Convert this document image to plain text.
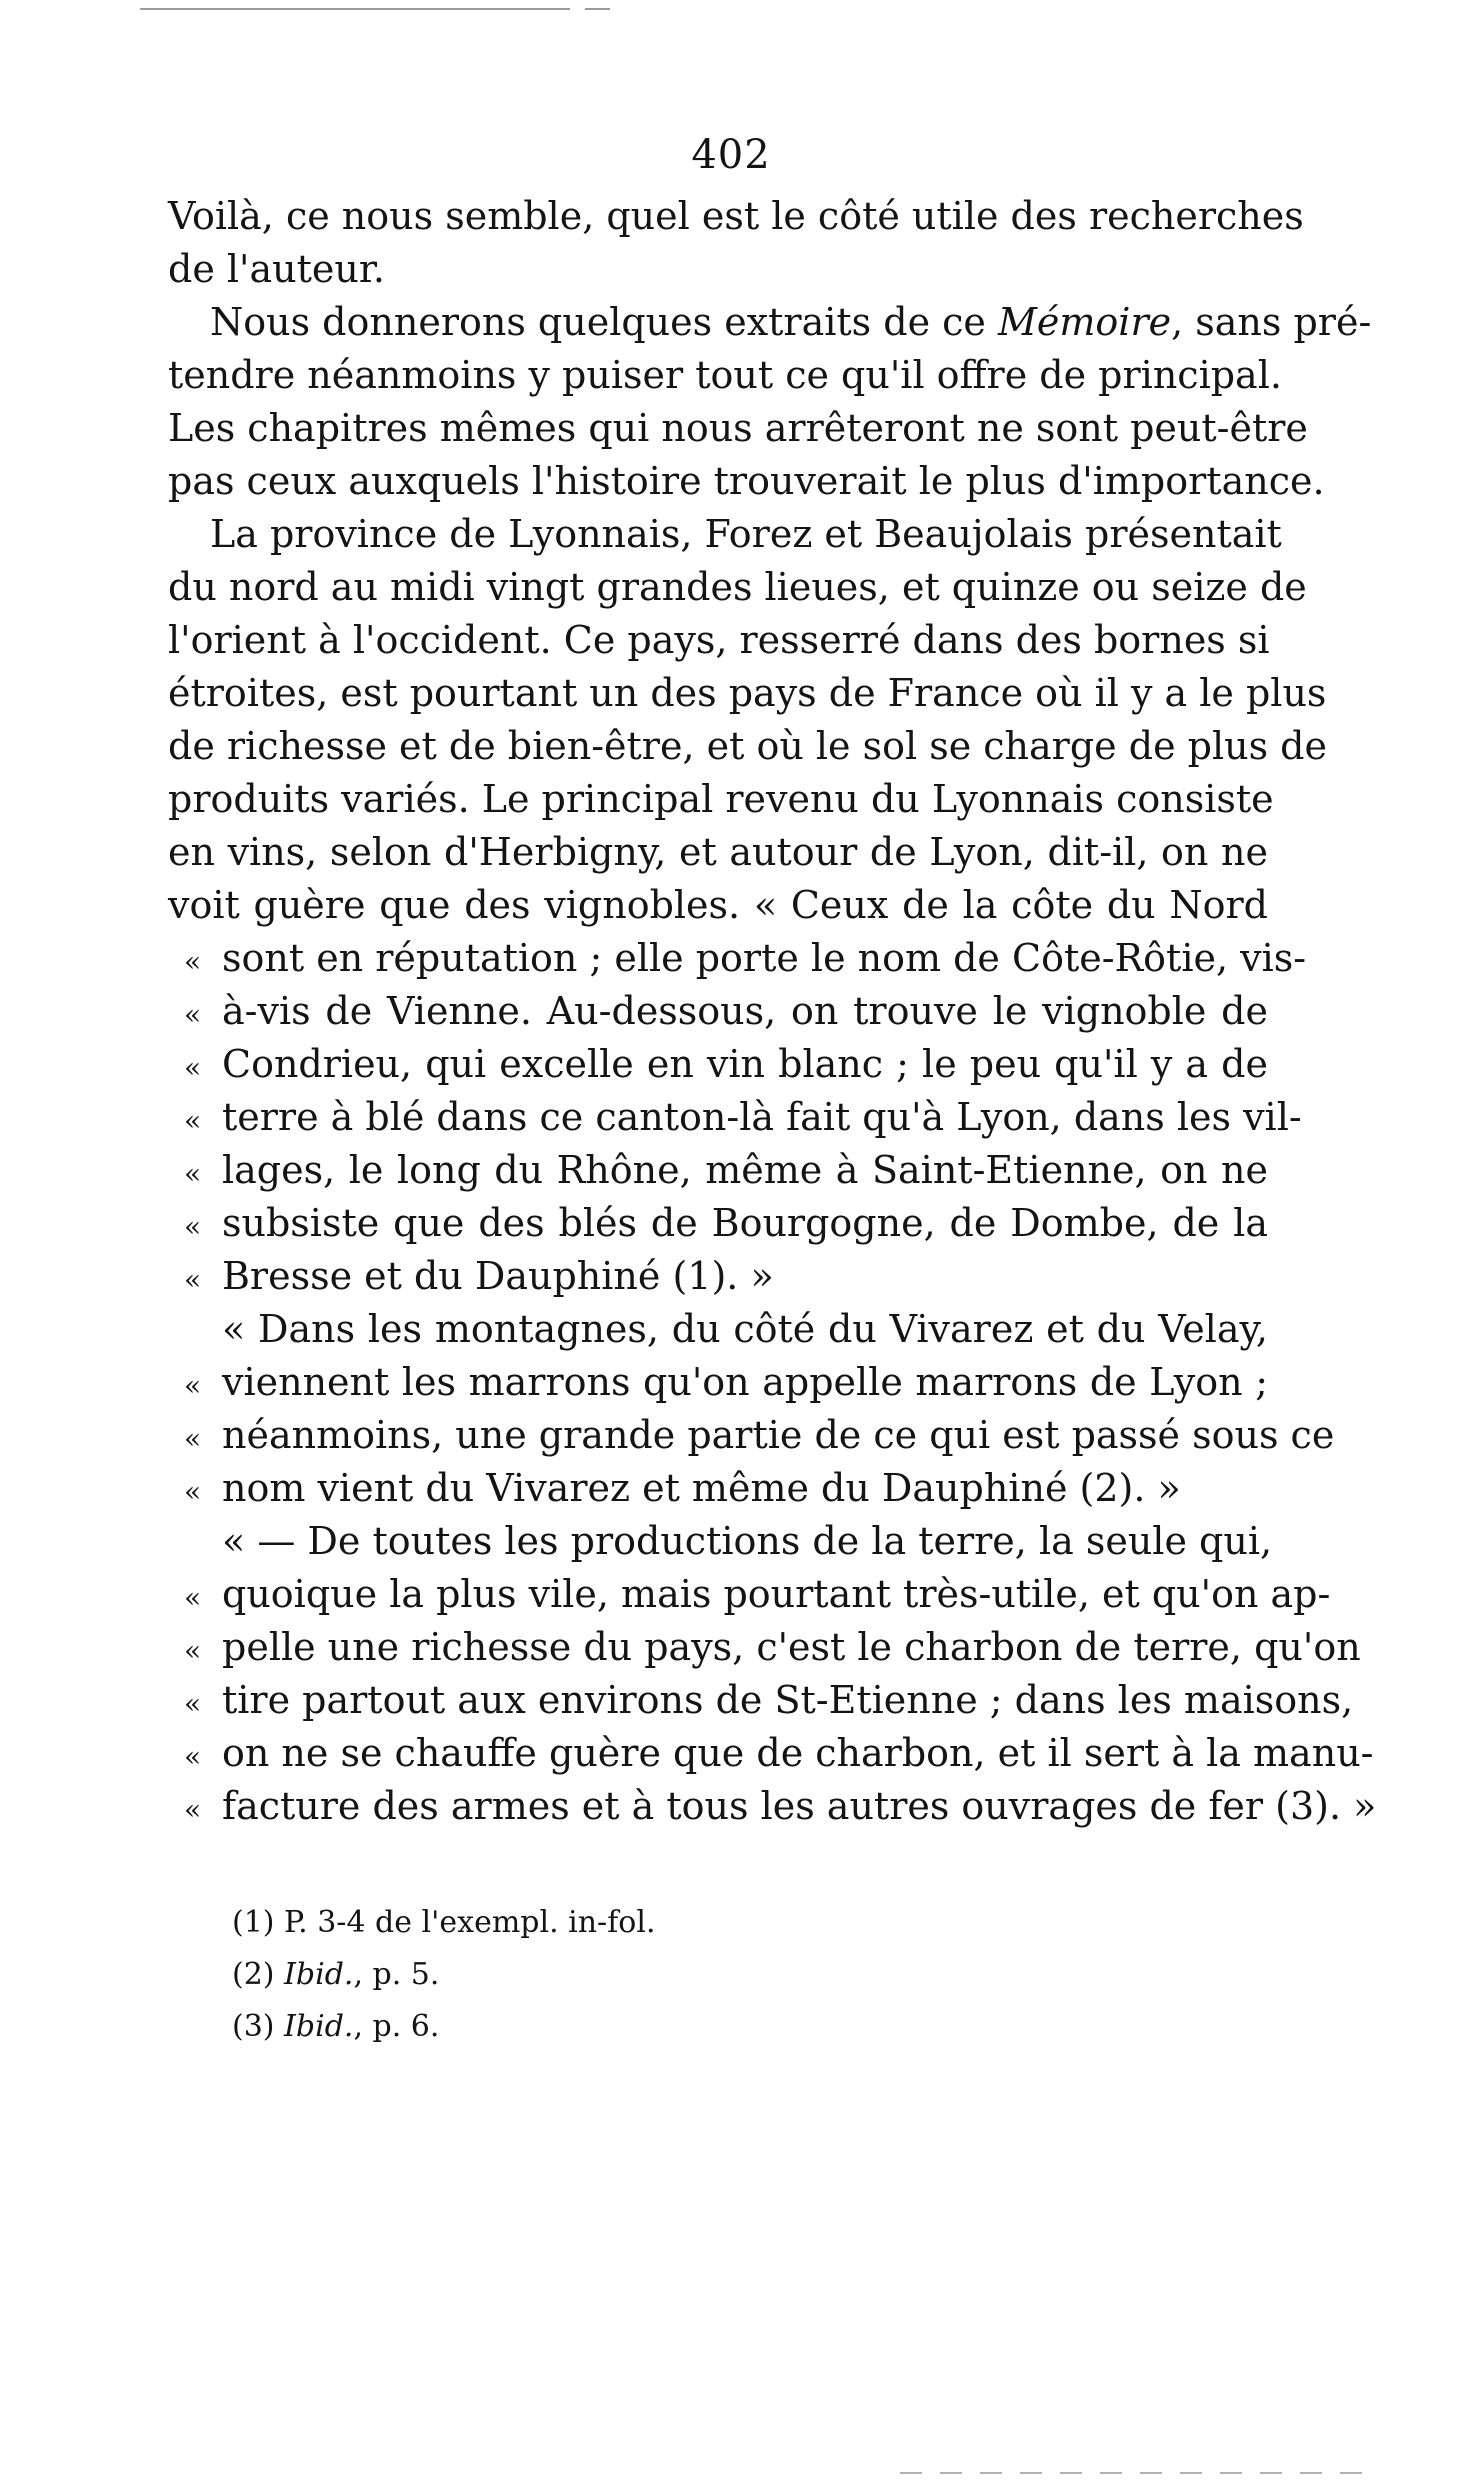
402
Voilà, ce nous semble, quel est le côté utile des recherches
de l'auteur.
Nous donnerons quelques extraits de ce Mémoire, sans pré-
tendre néanmoins y puiser tout ce qu'il offre de principal.
Les chapitres mêmes qui nous arrêteront ne sont peut-être
pas ceux auxquels l'histoire trouverait le plus d'importance.
La province de Lyonnais, Forez et Beaujolais présentait
du nord au midi vingt grandes lieues, et quinze ou seize de
l'orient à l'occident. Ce pays, resserré dans des bornes si
étroites, est pourtant un des pays de France où il y a le plus
de richesse et de bien-être, et où le sol se charge de plus de
produits variés. Le principal revenu du Lyonnais consiste
en vins, selon d'Herbigny, et autour de Lyon, dit-il, on ne
voit guère que des vignobles. « Ceux de la côte du Nord
« sont en réputation ; elle porte le nom de Côte-Rôtie, vis-
« à-vis de Vienne. Au-dessous, on trouve le vignoble de
« Condrieu, qui excelle en vin blanc ; le peu qu'il y a de
« terre à blé dans ce canton-là fait qu'à Lyon, dans les vil-
« lages, le long du Rhône, même à Saint-Etienne, on ne
« subsiste que des blés de Bourgogne, de Dombe, de la
« Bresse et du Dauphiné (1). »
« Dans les montagnes, du côté du Vivarez et du Velay,
« viennent les marrons qu'on appelle marrons de Lyon ;
« néanmoins, une grande partie de ce qui est passé sous ce
« nom vient du Vivarez et même du Dauphiné (2). »
« — De toutes les productions de la terre, la seule qui,
« quoique la plus vile, mais pourtant très-utile, et qu'on ap-
« pelle une richesse du pays, c'est le charbon de terre, qu'on
« tire partout aux environs de St-Etienne ; dans les maisons,
« on ne se chauffe guère que de charbon, et il sert à la manu-
« facture des armes et à tous les autres ouvrages de fer (3). »
(1) P. 3-4 de l'exempl. in-fol.
(2) Ibid., p. 5.
(3) Ibid., p. 6.
